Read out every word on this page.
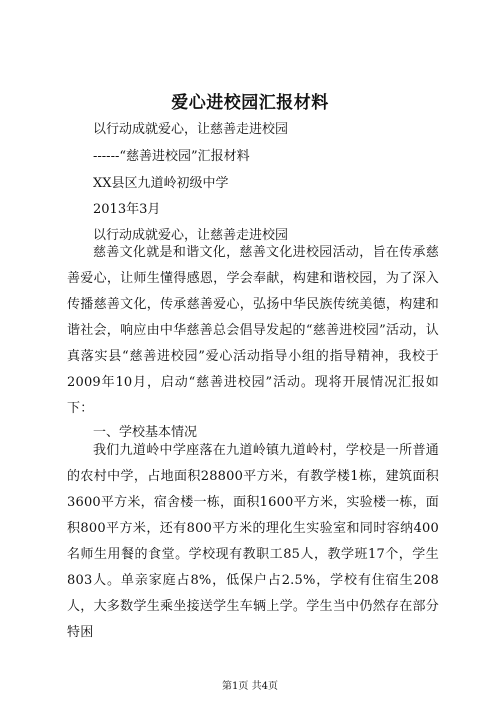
爱心进校园汇报材料
以行动成就爱心，让慈善走进校园
------“慈善进校园”汇报材料
XX县区九道岭初级中学
2013年3月
以行动成就爱心，让慈善走进校园

慈善文化就是和谐文化，慈善文化进校园活动，旨在传承慈善爱心，让师生懂得感恩，学会奉献，构建和谐校园，为了深入传播慈善文化，传承慈善爱心，弘扬中华民族传统美德，构建和谐社会，响应由中华慈善总会倡导发起的“慈善进校园”活动，认真落实县“慈善进校园”爱心活动指导小组的指导精神，我校于2009年10月，启动“慈善进校园”活动。现将开展情况汇报如下：

一、学校基本情况

我们九道岭中学座落在九道岭镇九道岭村，学校是一所普通的农村中学，占地面积28800平方米，有教学楼1栋，建筑面积3600平方米，宿舍楼一栋，面积1600平方米，实验楼一栋，面积800平方米，还有800平方米的理化生实验室和同时容纳400名师生用餐的食堂。学校现有教职工85人，教学班17个，学生803人。单亲家庭占8%，低保户占2.5%，学校有住宿生208人，大多数学生乘坐接送学生车辆上学。学生当中仍然存在部分特困

第1页 共4页
